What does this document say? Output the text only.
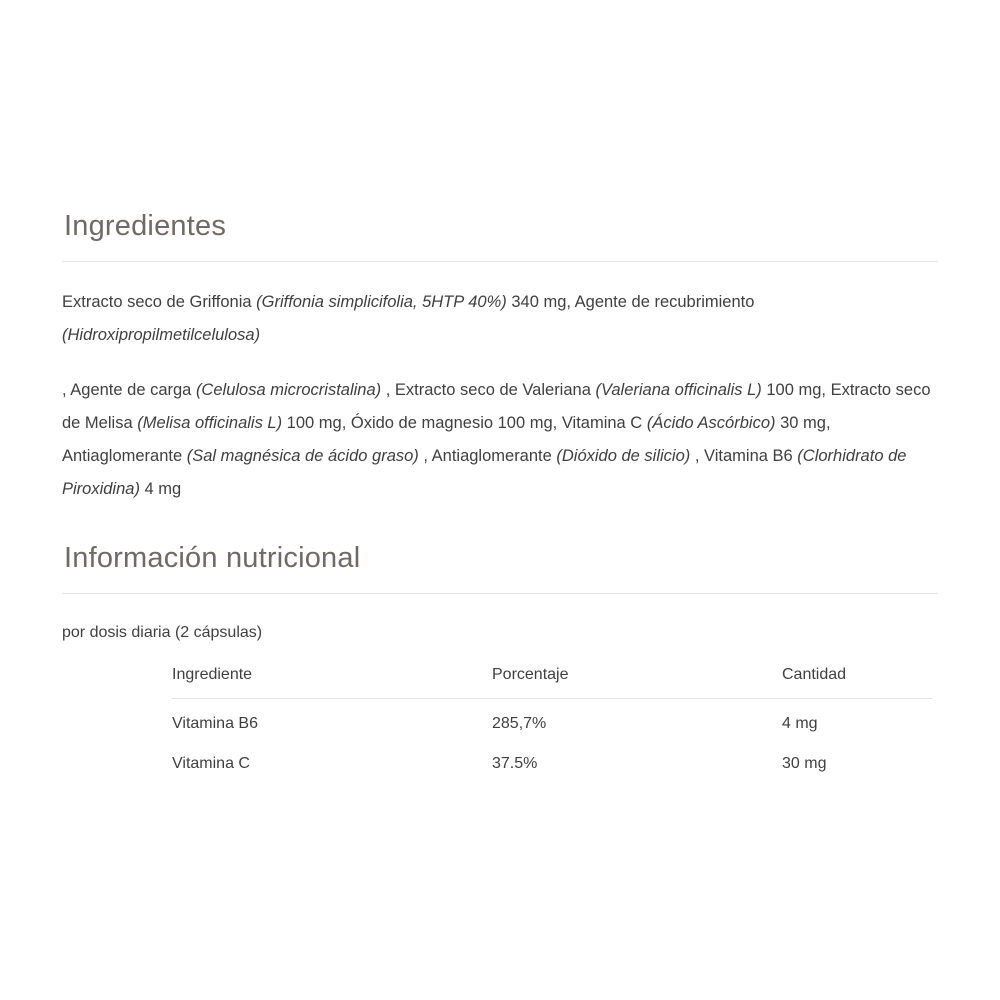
Ingredientes

Extracto seco de Griffonia (Griffonia simplicifolia, 5HTP 40%) 340 mg, Agente de recubrimiento (Hidroxipropilmetilcelulosa)

, Agente de carga (Celulosa microcristalina) , Extracto seco de Valeriana (Valeriana officinalis L) 100 mg, Extracto seco de Melisa (Melisa officinalis L) 100 mg, Óxido de magnesio 100 mg, Vitamina C (Ácido Ascórbico) 30 mg, Antiaglomerante (Sal magnésica de ácido graso) , Antiaglomerante (Dióxido de silicio) , Vitamina B6 (Clorhidrato de Piroxidina) 4 mg

Información nutricional

por dosis diaria (2 cápsulas)

Ingrediente	Porcentaje	Cantidad
Vitamina B6	285,7%	4 mg
Vitamina C	37.5%	30 mg
